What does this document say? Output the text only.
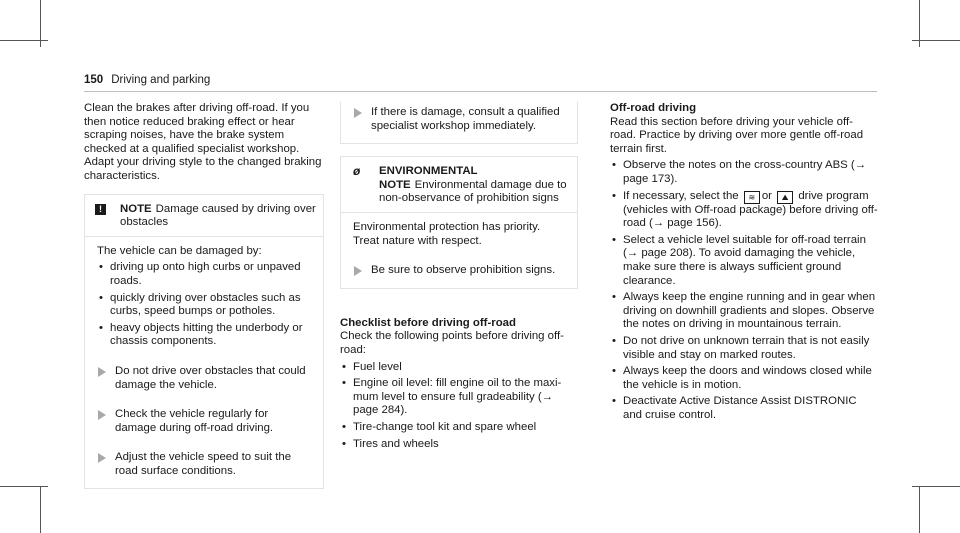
150 Driving and parking

Clean the brakes after driving off-road. If you then notice reduced braking effect or hear scraping noises, have the brake system checked at a qualified specialist workshop. Adapt your driving style to the changed braking characteristics.

!	NOTE Damage caused by driving over obstacles

The vehicle can be damaged by:

• driving up onto high curbs or unpaved roads.
• quickly driving over obstacles such as curbs, speed bumps or potholes.
• heavy objects hitting the underbody or chassis components.
Do not drive over obstacles that could damage the vehicle.
Check the vehicle regularly for damage during off-road driving.
Adjust the vehicle speed to suit the road surface conditions.
If there is damage, consult a qualified specialist workshop immediately.
ø	ENVIRONMENTAL NOTE Environmental damage due to non-observance of prohibition signs

Environmental protection has priority. Treat nature with respect.

Be sure to observe prohibition signs.

Checklist before driving off-road

Check the following points before driving off-road:

• Fuel level
• Engine oil level: fill engine oil to the maximum level to ensure full gradeability (→ page 284).
• Tire-change tool kit and spare wheel
• Tires and wheels

Off-road driving

Read this section before driving your vehicle off-road. Practice by driving over more gentle off-road terrain first.

• Observe the notes on the cross-country ABS (→ page 173).
• If necessary, select the ≋ or ⛰ drive program (vehicles with Off-road package) before driving off-road (→ page 156).
• Select a vehicle level suitable for off-road terrain (→ page 208). To avoid damaging the vehicle, make sure there is always sufficient ground clearance.
• Always keep the engine running and in gear when driving on downhill gradients and slopes. Observe the notes on driving in mountainous terrain.
• Do not drive on unknown terrain that is not easily visible and stay on marked routes.
• Always keep the doors and windows closed while the vehicle is in motion.
• Deactivate Active Distance Assist DISTRONIC and cruise control.
